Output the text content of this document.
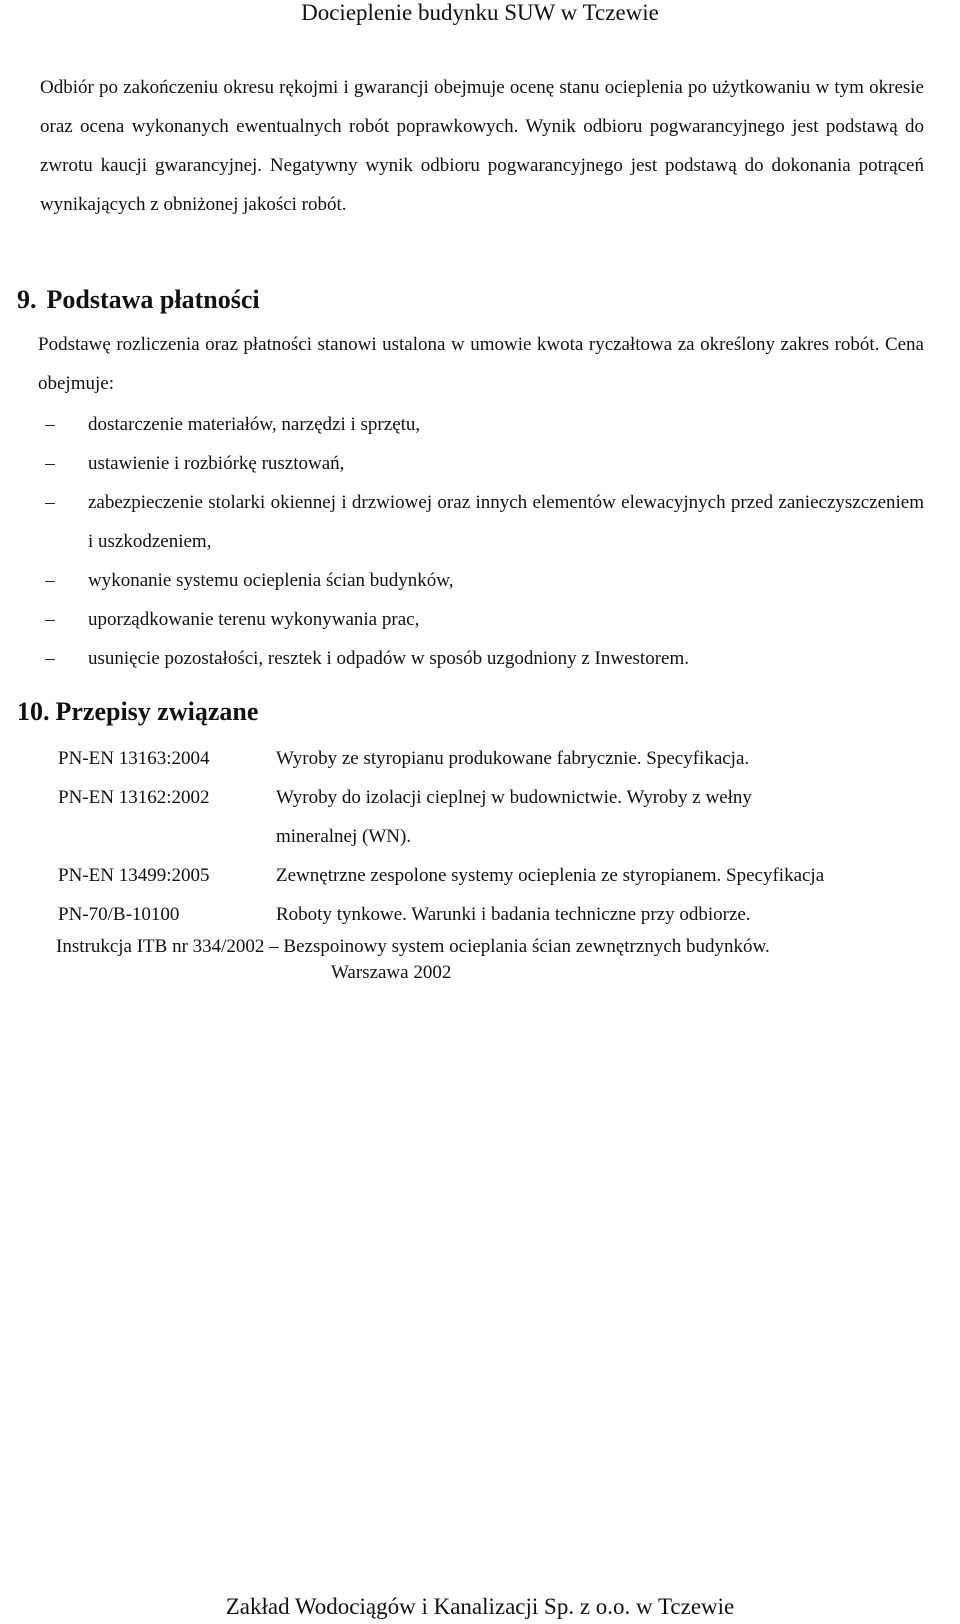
Docieplenie budynku SUW w Tczewie

Odbiór po zakończeniu okresu rękojmi i gwarancji obejmuje ocenę stanu ocieplenia po użytkowaniu w tym okresie oraz ocena wykonanych ewentualnych robót poprawkowych. Wynik odbioru pogwarancyjnego jest podstawą do zwrotu kaucji gwarancyjnej. Negatywny wynik odbioru pogwarancyjnego jest podstawą do dokonania potrąceń wynikających z obniżonej jakości robót.

9. Podstawa płatności

Podstawę rozliczenia oraz płatności stanowi ustalona w umowie kwota ryczałtowa za określony zakres robót. Cena obejmuje:

– dostarczenie materiałów, narzędzi i sprzętu,
– ustawienie i rozbiórkę rusztowań,
– zabezpieczenie stolarki okiennej i drzwiowej oraz innych elementów elewacyjnych przed zanieczyszczeniem i uszkodzeniem,
– wykonanie systemu ocieplenia ścian budynków,
– uporządkowanie terenu wykonywania prac,
– usunięcie pozostałości, resztek i odpadów w sposób uzgodniony z Inwestorem.
10. Przepisy związane
PN-EN 13163:2004	Wyroby ze styropianu produkowane fabrycznie. Specyfikacja.
PN-EN 13162:2002	Wyroby do izolacji cieplnej w budownictwie. Wyroby z wełny mineralnej (WN).
PN-EN 13499:2005	Zewnętrzne zespolone systemy ocieplenia ze styropianem. Specyfikacja
PN-70/B-10100	Roboty tynkowe. Warunki i badania techniczne przy odbiorze.
Instrukcja ITB nr 334/2002 – Bezspoinowy system ocieplania ścian zewnętrznych budynków.
Warszawa 2002
Zakład Wodociągów i Kanalizacji Sp. z o.o. w Tczewie
